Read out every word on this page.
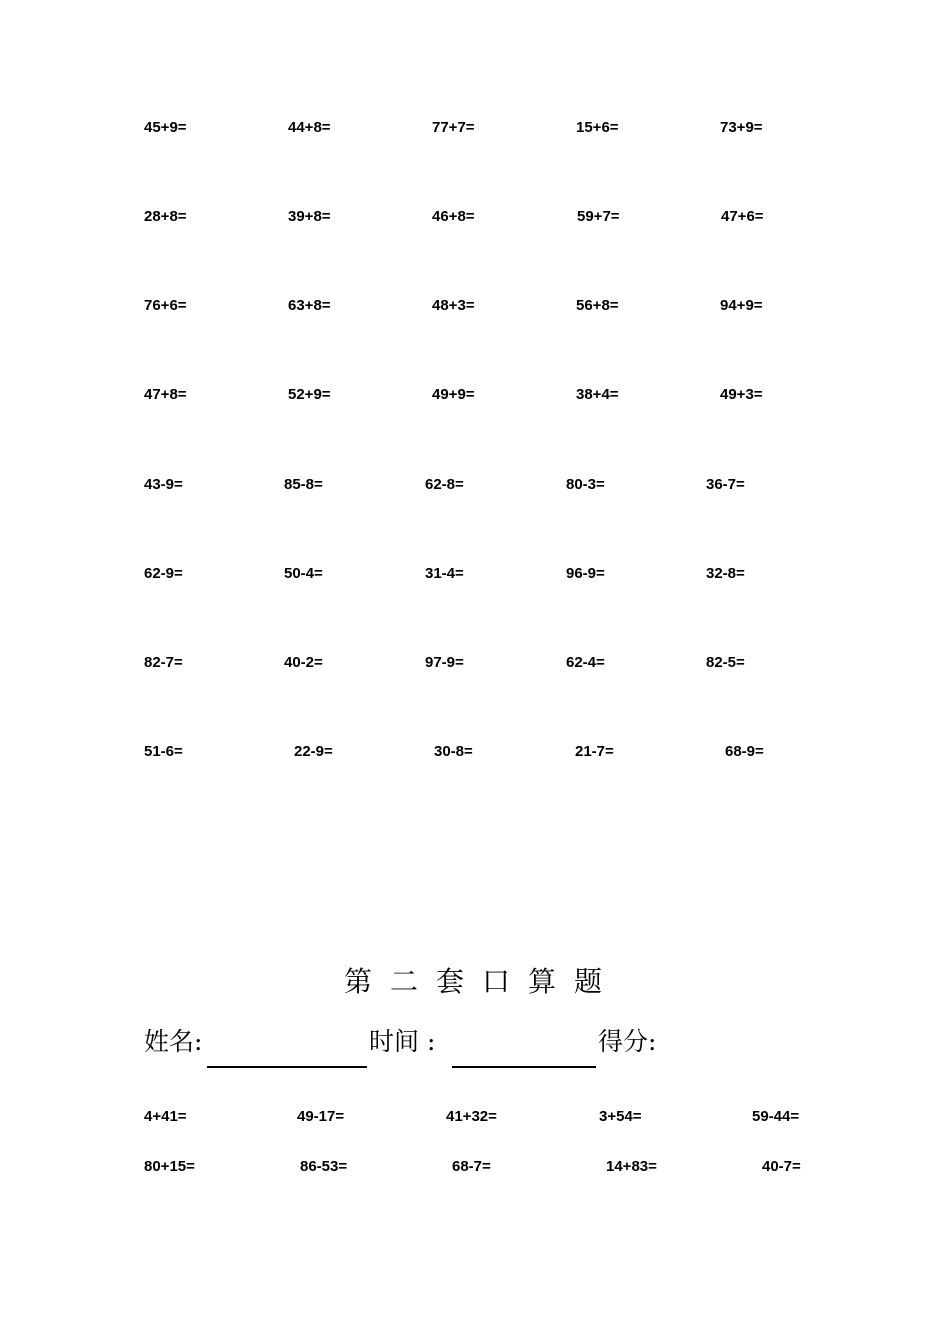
45+9=	44+8=	77+7=	15+6=	73+9=
28+8=	39+8=	46+8=	59+7=	47+6=
76+6=	63+8=	48+3=	56+8=	94+9=
47+8=	52+9=	49+9=	38+4=	49+3=
43-9=	85-8=	62-8=	80-3=	36-7=
62-9=	50-4=	31-4=	96-9=	32-8=
82-7=	40-2=	97-9=	62-4=	82-5=
51-6=	22-9=	30-8=	21-7=	68-9=
第二套口算题
姓名:	时间 :	得分:
4+41=	49-17=	41+32=	3+54=	59-44=
80+15=	86-53=	68-7=	14+83=	40-7=
